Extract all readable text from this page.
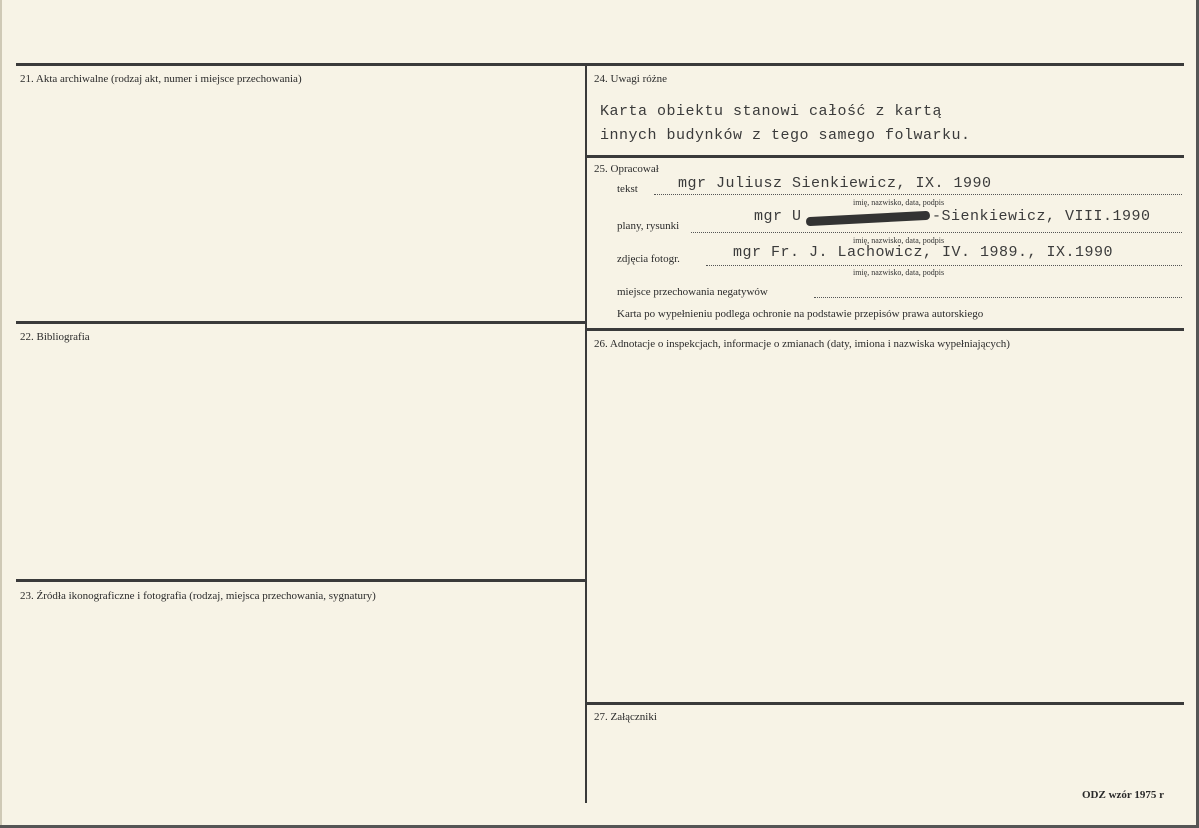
21. Akta archiwalne (rodzaj akt, numer i miejsce przechowania)
22. Bibliografia
23. Źródła ikonograficzne i fotografia (rodzaj, miejsca przechowania, sygnatury)
24. Uwagi różne
Karta obiektu stanowi całość z kartą
innych budynków z tego samego folwarku.
25. Opracował
tekst	mgr Juliusz Sienkiewicz, IX. 1990
imię, nazwisko, data, podpis
plany, rysunki
mgr U	-Sienkiewicz, VIII.1990
imię, nazwisko, data, podpis
zdjęcia fotogr.	mgr Fr. J. Lachowicz, IV. 1989., IX.1990
imię, nazwisko, data, podpis
miejsce przechowania negatywów
Karta po wypełnieniu podlega ochronie na podstawie przepisów prawa autorskiego
26. Adnotacje o inspekcjach, informacje o zmianach (daty, imiona i nazwiska wypełniających)
27. Załączniki
ODZ wzór 1975 r
